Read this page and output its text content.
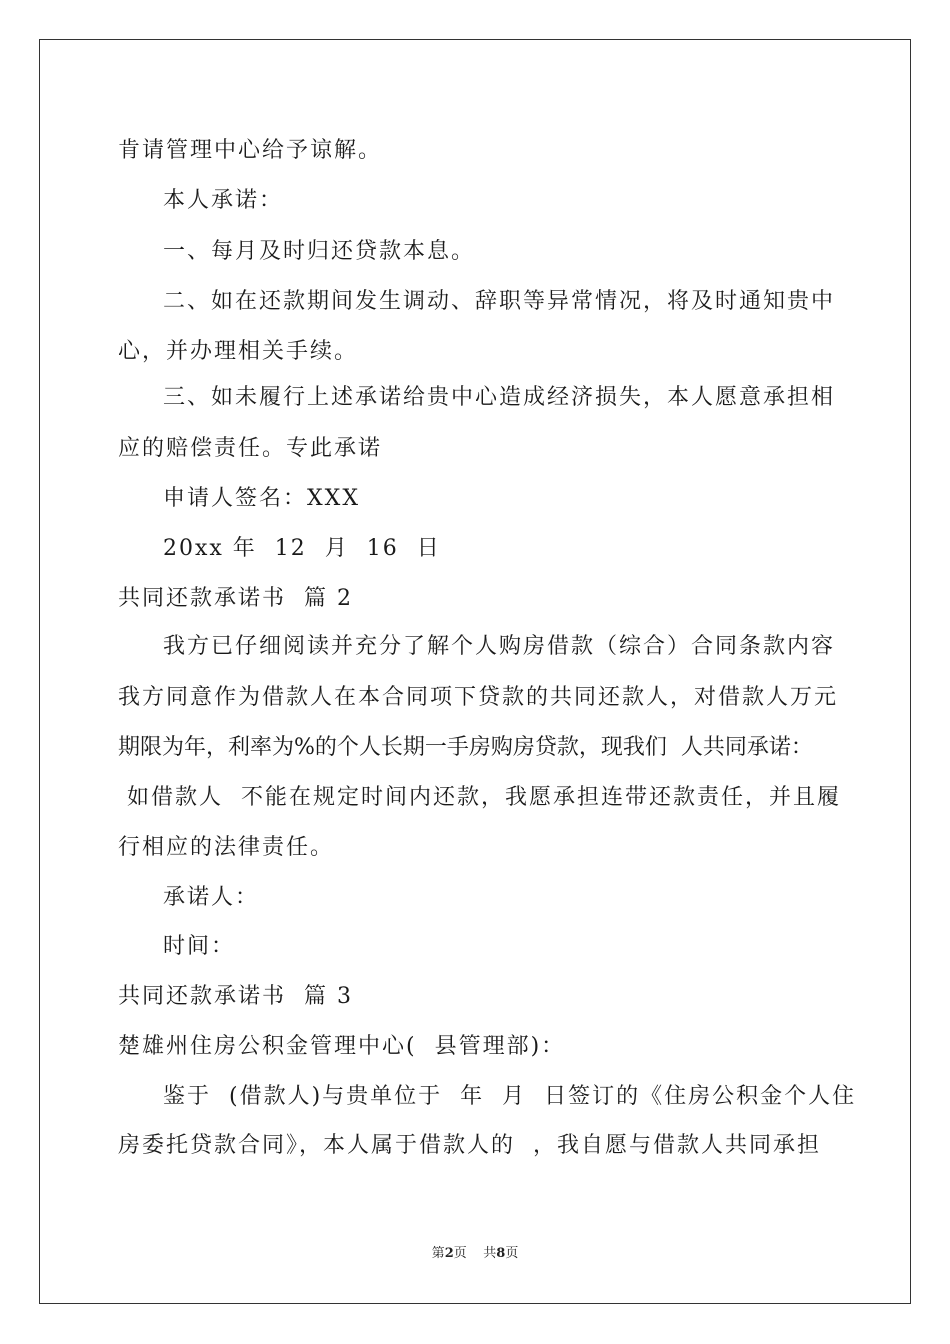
肯请管理中心给予谅解。
本人承诺：
一、每月及时归还贷款本息。
二、如在还款期间发生调动、辞职等异常情况，将及时通知贵中
心，并办理相关手续。
三、如未履行上述承诺给贵中心造成经济损失，本人愿意承担相
应的赔偿责任。专此承诺
申请人签名：XXX
20xx 年  12  月  16  日
共同还款承诺书  篇 2
我方已仔细阅读并充分了解个人购房借款（综合）合同条款内容
我方同意作为借款人在本合同项下贷款的共同还款人，对借款人万元
期限为年，利率为%的个人长期一手房购房贷款，现我们  人共同承诺：
如借款人  不能在规定时间内还款，我愿承担连带还款责任，并且履
行相应的法律责任。
承诺人：
时间：
共同还款承诺书  篇 3
楚雄州住房公积金管理中心(  县管理部)：
鉴于  (借款人)与贵单位于  年  月  日签订的《住房公积金个人住
房委托贷款合同》，本人属于借款人的  ，我自愿与借款人共同承担
第2页    共8页
